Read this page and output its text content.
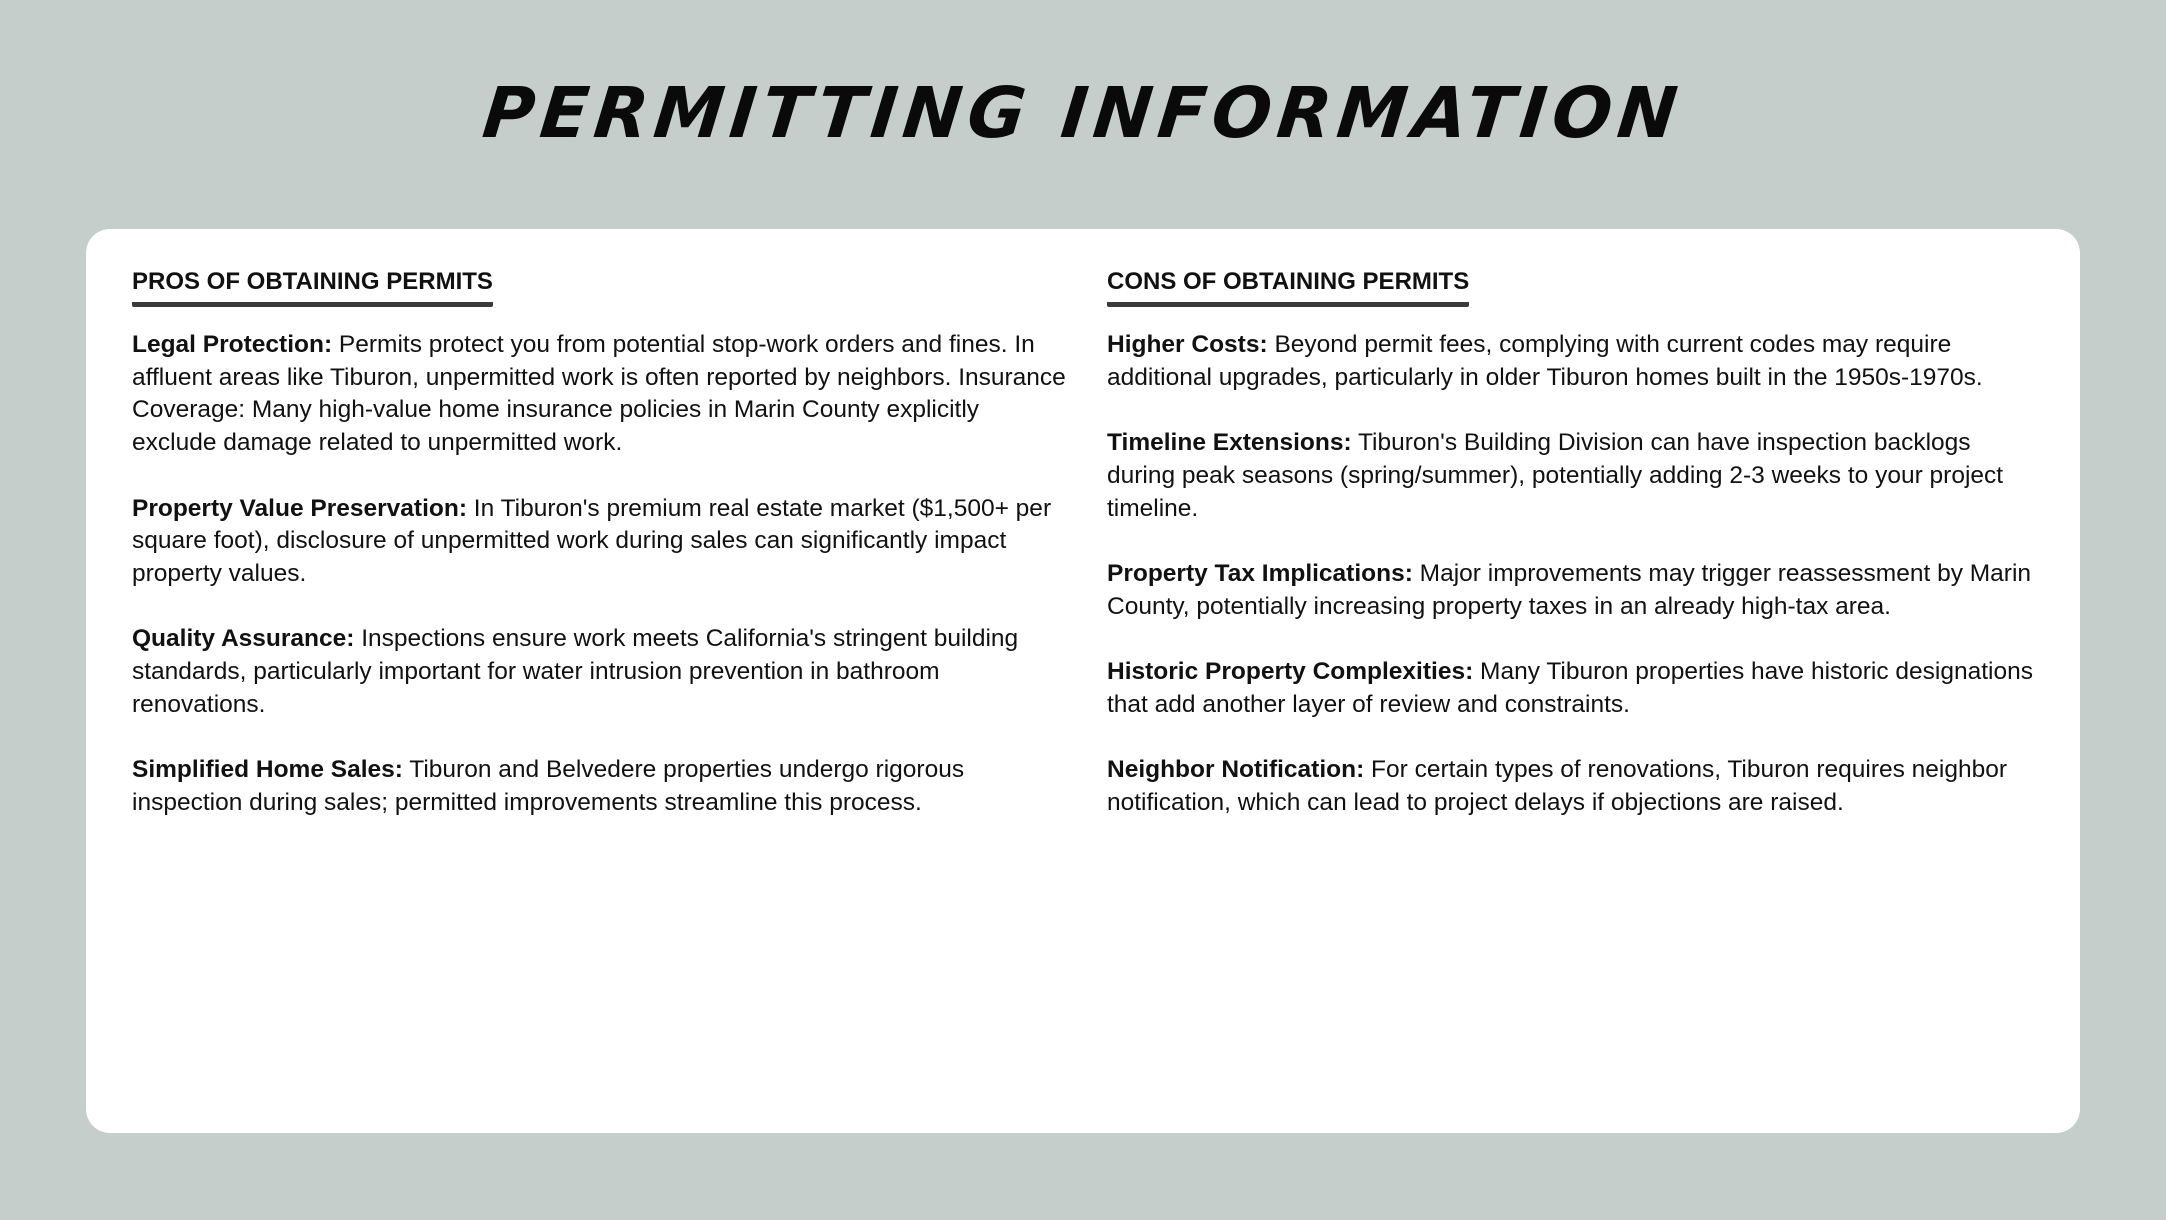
PERMITTING INFORMATION
PROS OF OBTAINING PERMITS

Legal Protection: Permits protect you from potential stop-work orders and fines. In affluent areas like Tiburon, unpermitted work is often reported by neighbors. Insurance Coverage: Many high-value home insurance policies in Marin County explicitly exclude damage related to unpermitted work.

Property Value Preservation: In Tiburon's premium real estate market ($1,500+ per square foot), disclosure of unpermitted work during sales can significantly impact property values.

Quality Assurance: Inspections ensure work meets California's stringent building standards, particularly important for water intrusion prevention in bathroom renovations.

Simplified Home Sales: Tiburon and Belvedere properties undergo rigorous inspection during sales; permitted improvements streamline this process.

CONS OF OBTAINING PERMITS

Higher Costs: Beyond permit fees, complying with current codes may require additional upgrades, particularly in older Tiburon homes built in the 1950s-1970s.

Timeline Extensions: Tiburon's Building Division can have inspection backlogs during peak seasons (spring/summer), potentially adding 2-3 weeks to your project timeline.

Property Tax Implications: Major improvements may trigger reassessment by Marin County, potentially increasing property taxes in an already high-tax area.

Historic Property Complexities: Many Tiburon properties have historic designations that add another layer of review and constraints.

Neighbor Notification: For certain types of renovations, Tiburon requires neighbor notification, which can lead to project delays if objections are raised.
